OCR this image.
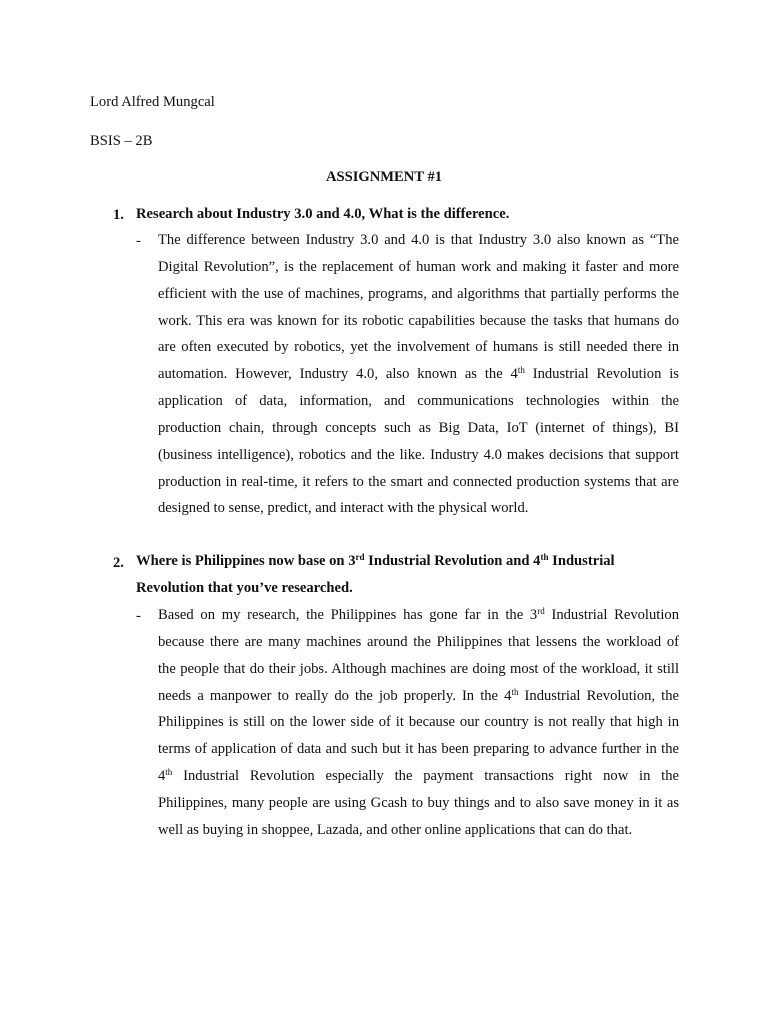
Lord Alfred Mungcal
BSIS – 2B
ASSIGNMENT #1
1. Research about Industry 3.0 and 4.0, What is the difference.
- The difference between Industry 3.0 and 4.0 is that Industry 3.0 also known as “The
Digital Revolution”, is the replacement of human work and making it faster and more
efficient with the use of machines, programs, and algorithms that partially performs the
work. This era was known for its robotic capabilities because the tasks that humans do
are often executed by robotics, yet the involvement of humans is still needed there in
automation. However, Industry 4.0, also known as the 4th Industrial Revolution is
application of data, information, and communications technologies within the
production chain, through concepts such as Big Data, IoT (internet of things), BI
(business intelligence), robotics and the like. Industry 4.0 makes decisions that support
production in real-time, it refers to the smart and connected production systems that are
designed to sense, predict, and interact with the physical world.
2. Where is Philippines now base on 3rd Industrial Revolution and 4th Industrial
Revolution that you’ve researched.
- Based on my research, the Philippines has gone far in the 3rd Industrial Revolution
because there are many machines around the Philippines that lessens the workload of
the people that do their jobs. Although machines are doing most of the workload, it still
needs a manpower to really do the job properly. In the 4th Industrial Revolution, the
Philippines is still on the lower side of it because our country is not really that high in
terms of application of data and such but it has been preparing to advance further in the
4th Industrial Revolution especially the payment transactions right now in the
Philippines, many people are using Gcash to buy things and to also save money in it as
well as buying in shoppee, Lazada, and other online applications that can do that.
